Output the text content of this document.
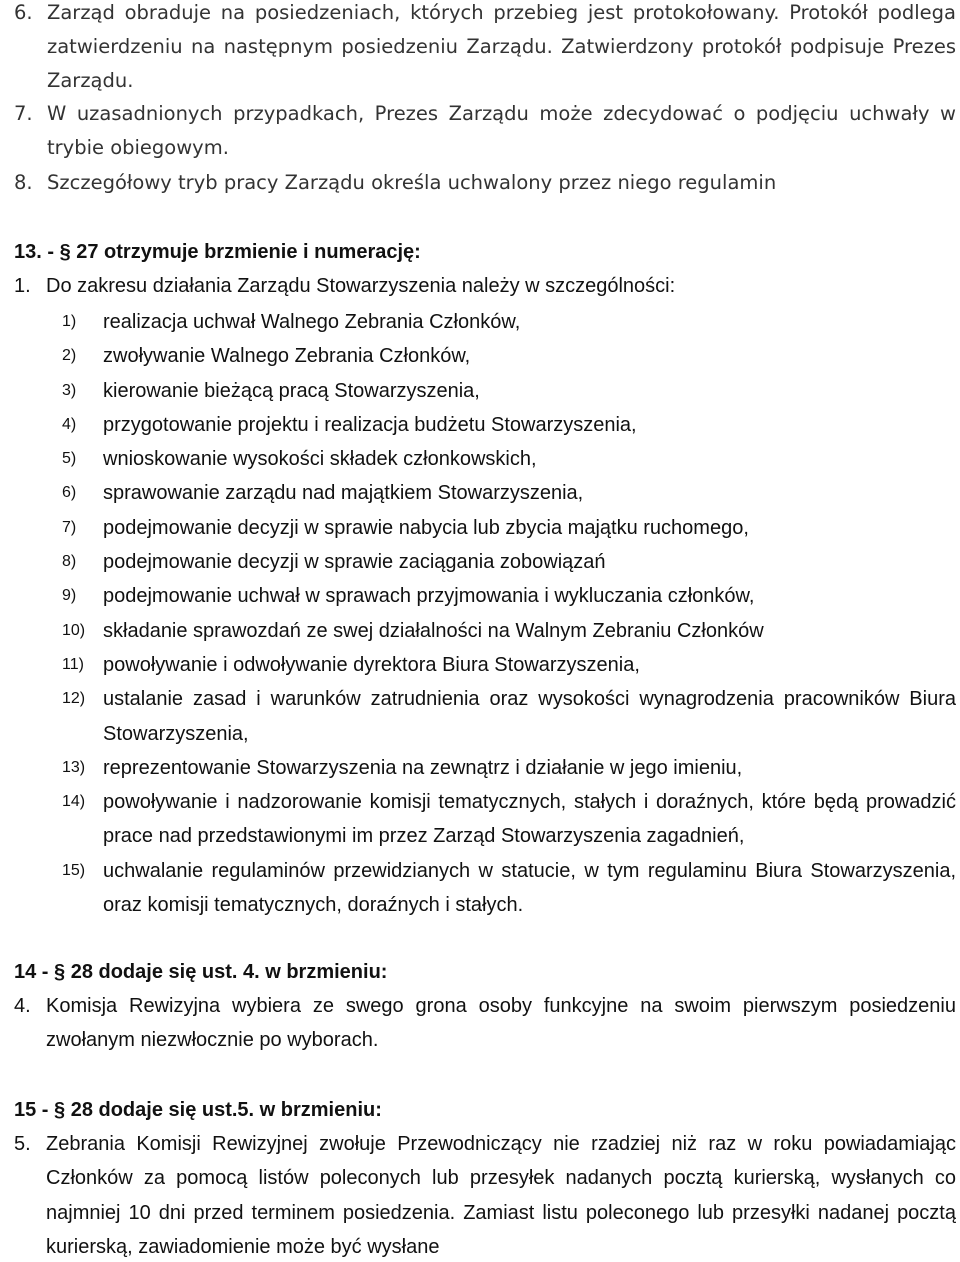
6. Zarząd obraduje na posiedzeniach, których przebieg jest protokołowany. Protokół podlega zatwierdzeniu na następnym posiedzeniu Zarządu. Zatwierdzony protokół podpisuje Prezes Zarządu.
7. W uzasadnionych przypadkach, Prezes Zarządu może zdecydować o podjęciu uchwały w trybie obiegowym.
8. Szczegółowy tryb pracy Zarządu określa uchwalony przez niego regulamin
13. - § 27 otrzymuje brzmienie i numerację:
1. Do zakresu działania Zarządu Stowarzyszenia należy w szczególności:
1) realizacja uchwał Walnego Zebrania Członków,
2) zwoływanie Walnego Zebrania Członków,
3) kierowanie bieżącą pracą Stowarzyszenia,
4) przygotowanie projektu i realizacja budżetu Stowarzyszenia,
5) wnioskowanie wysokości składek członkowskich,
6) sprawowanie zarządu nad majątkiem Stowarzyszenia,
7) podejmowanie decyzji w sprawie nabycia lub zbycia majątku ruchomego,
8) podejmowanie decyzji w sprawie zaciągania zobowiązań
9) podejmowanie uchwał w sprawach przyjmowania i wykluczania członków,
10) składanie sprawozdań ze swej działalności na Walnym Zebraniu Członków
11) powoływanie i odwoływanie dyrektora Biura Stowarzyszenia,
12) ustalanie zasad i warunków zatrudnienia oraz wysokości wynagrodzenia pracowników Biura Stowarzyszenia,
13) reprezentowanie Stowarzyszenia na zewnątrz i działanie w jego imieniu,
14) powoływanie i nadzorowanie komisji tematycznych, stałych i doraźnych, które będą prowadzić prace nad przedstawionymi im przez Zarząd Stowarzyszenia zagadnień,
15) uchwalanie regulaminów przewidzianych w statucie, w tym regulaminu Biura Stowarzyszenia, oraz komisji tematycznych, doraźnych i stałych.
14 - § 28 dodaje się ust. 4. w brzmieniu:
4. Komisja Rewizyjna wybiera ze swego grona osoby funkcyjne na swoim pierwszym posiedzeniu zwołanym niezwłocznie po wyborach.
15 - § 28 dodaje się ust.5. w brzmieniu:
5. Zebrania Komisji Rewizyjnej zwołuje Przewodniczący nie rzadziej niż raz w roku powiadamiając Członków za pomocą listów poleconych lub przesyłek nadanych pocztą kurierską, wysłanych co najmniej 10 dni przed terminem posiedzenia. Zamiast listu poleconego lub przesyłki nadanej pocztą kurierską, zawiadomienie może być wysłane
